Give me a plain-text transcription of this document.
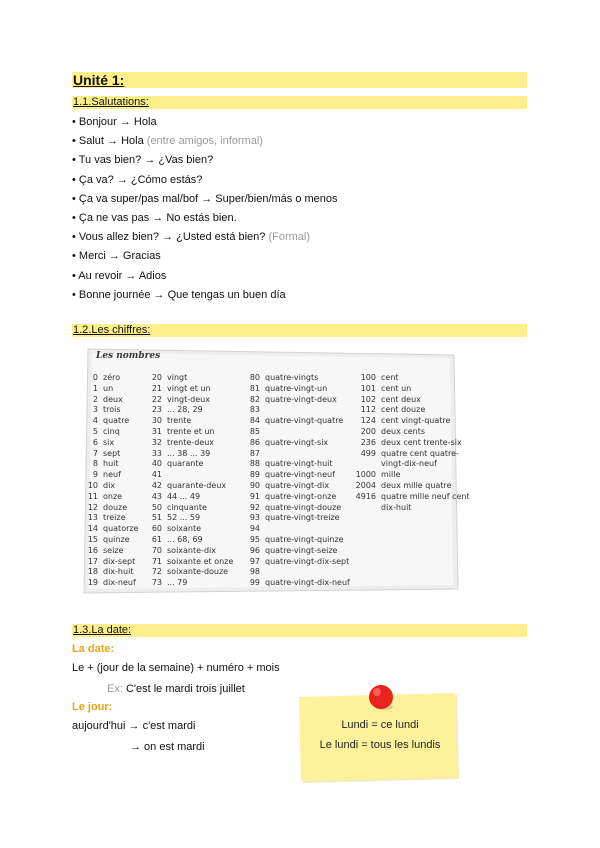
Unité 1:
1.1.Salutations:
• Bonjour → Hola
• Salut → Hola (entre amigos, informal)
• Tu vas bien? → ¿Vas bien?
• Ça va? → ¿Cómo estás?
• Ça va super/pas mal/bof → Super/bien/más o menos
• Ça ne vas pas → No estás bien.
• Vous allez bien? → ¿Usted está bien? (Formal)
• Merci → Gracias
• Au revoir → Adios
• Bonne journée → Que tengas un buen día
1.2.Les chiffres:
Les nombres
0 zéro
1 un
2 deux
3 trois
4 quatre
5 cinq
6 six
7 sept
8 huit
9 neuf
10 dix
11 onze
12 douze
13 treize
14 quatorze
15 quinze
16 seize
17 dix-sept
18 dix-huit
19 dix-neuf
20 vingt
21 vingt et un
22 vingt-deux
23 ... 28, 29
30 trente
31 trente et un
32 trente-deux
33 ... 38 ... 39
40 quarante
41
42 quarante-deux
43 44 ... 49
50 cinquante
51 52 ... 59
60 soixante
61 ... 68, 69
70 soixante-dix
71 soixante et onze
72 soixante-douze
73 ... 79
80 quatre-vingts
81 quatre-vingt-un
82 quatre-vingt-deux
83
84 quatre-vingt-quatre
85
86 quatre-vingt-six
87
88 quatre-vingt-huit
89 quatre-vingt-neuf
90 quatre-vingt-dix
91 quatre-vingt-onze
92 quatre-vingt-douze
93 quatre-vingt-treize
94
95 quatre-vingt-quinze
96 quatre-vingt-seize
97 quatre-vingt-dix-sept
98
99 quatre-vingt-dix-neuf
100 cent
101 cent un
102 cent deux
112 cent douze
124 cent vingt-quatre
200 deux cents
236 deux cent trente-six
499 quatre cent quatre-
vingt-dix-neuf
1000 mille
2004 deux mille quatre
4916 quatre mille neuf cent
dix-huit
1.3.La date:
La date:
Le + (jour de la semaine) + numéro + mois
Ex: C'est le mardi trois juillet
Le jour:
aujourd'hui → c'est mardi
→ on est mardi
Lundi = ce lundi
Le lundi = tous les lundis
